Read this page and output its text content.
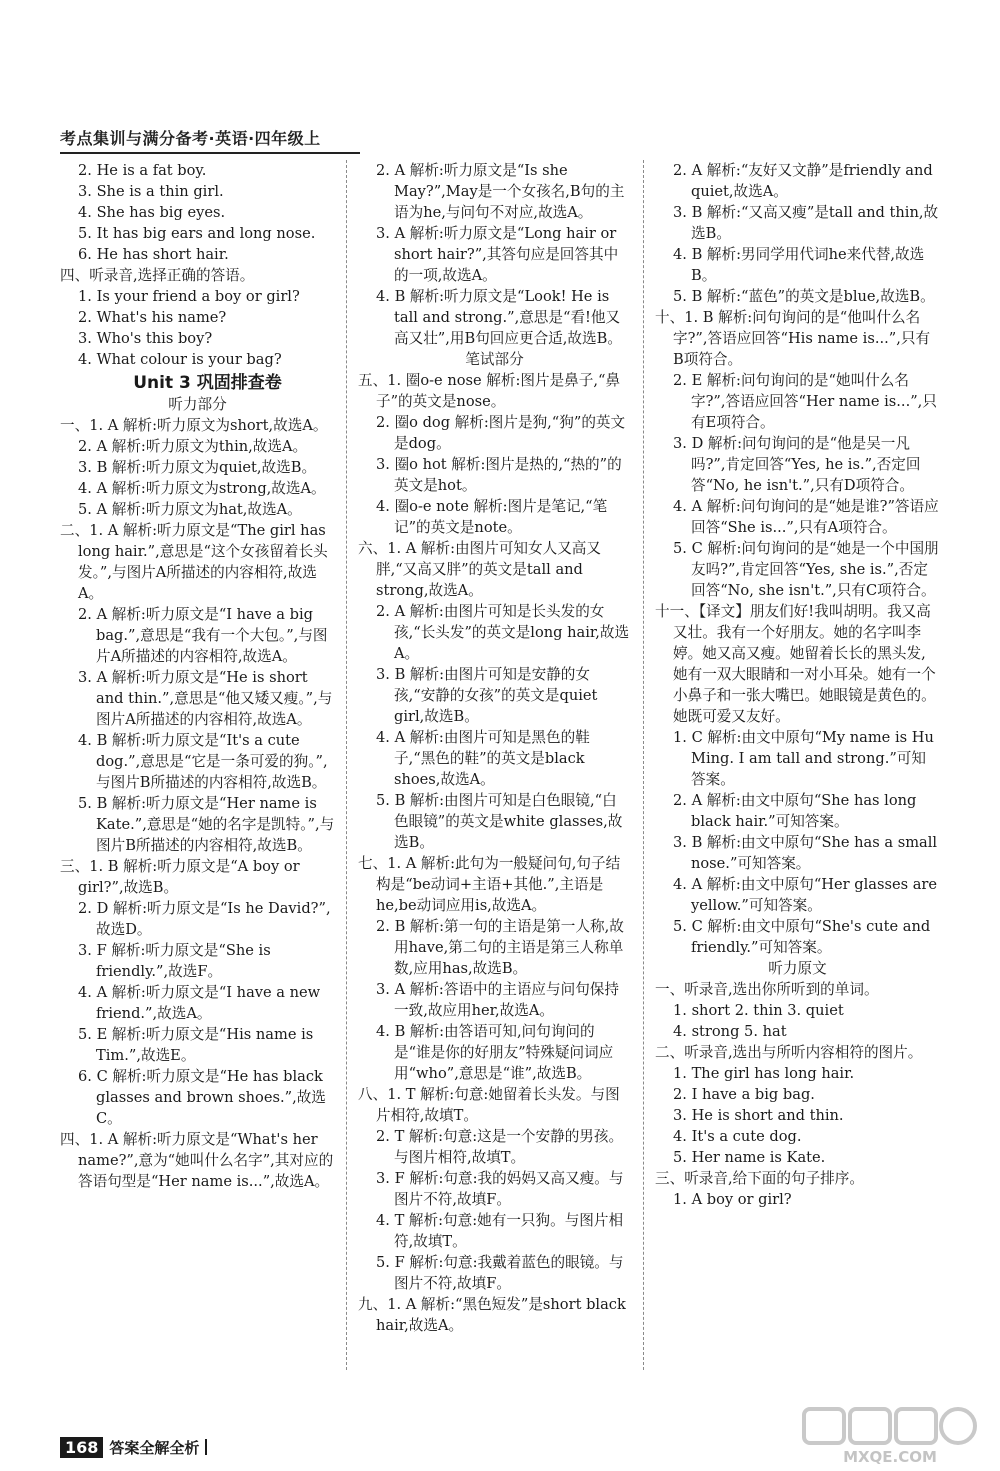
考点集训与满分备考·英语·四年级上
2. He is a fat boy.
3. She is a thin girl.
4. She has big eyes.
5. It has big ears and long nose.
6. He has short hair.
四、听录音,选择正确的答语。
1. Is your friend a boy or girl?
2. What's his name?
3. Who's this boy?
4. What colour is your bag?
Unit 3 巩固排查卷
听力部分
一、1. A 解析:听力原文为short,故选A。
2. A 解析:听力原文为thin,故选A。
3. B 解析:听力原文为quiet,故选B。
4. A 解析:听力原文为strong,故选A。
5. A 解析:听力原文为hat,故选A。
二、1. A 解析:听力原文是“The girl has long hair.”,意思是“这个女孩留着长头发。”,与图片A所描述的内容相符,故选A。
2. A 解析:听力原文是“I have a big bag.”,意思是“我有一个大包。”,与图片A所描述的内容相符,故选A。
3. A 解析:听力原文是“He is short and thin.”,意思是“他又矮又瘦。”,与图片A所描述的内容相符,故选A。
4. B 解析:听力原文是“It's a cute dog.”,意思是“它是一条可爱的狗。”,与图片B所描述的内容相符,故选B。
5. B 解析:听力原文是“Her name is Kate.”,意思是“她的名字是凯特。”,与图片B所描述的内容相符,故选B。
三、1. B 解析:听力原文是“A boy or girl?”,故选B。
2. D 解析:听力原文是“Is he David?”,故选D。
3. F 解析:听力原文是“She is friendly.”,故选F。
4. A 解析:听力原文是“I have a new friend.”,故选A。
5. E 解析:听力原文是“His name is Tim.”,故选E。
6. C 解析:听力原文是“He has black glasses and brown shoes.”,故选C。
四、1. A 解析:听力原文是“What's her name?”,意为“她叫什么名字”,其对应的答语句型是“Her name is...”,故选A。
2. A 解析:听力原文是“Is she May?”,May是一个女孩名,B句的主语为he,与问句不对应,故选A。
3. A 解析:听力原文是“Long hair or short hair?”,其答句应是回答其中的一项,故选A。
4. B 解析:听力原文是“Look! He is tall and strong.”,意思是“看!他又高又壮”,用B句回应更合适,故选B。
笔试部分
五、1. 圈o-e nose 解析:图片是鼻子,“鼻子”的英文是nose。
2. 圈o dog 解析:图片是狗,“狗”的英文是dog。
3. 圈o hot 解析:图片是热的,“热的”的英文是hot。
4. 圈o-e note 解析:图片是笔记,“笔记”的英文是note。
六、1. A 解析:由图片可知女人又高又胖,“又高又胖”的英文是tall and strong,故选A。
2. A 解析:由图片可知是长头发的女孩,“长头发”的英文是long hair,故选A。
3. B 解析:由图片可知是安静的女孩,“安静的女孩”的英文是quiet girl,故选B。
4. A 解析:由图片可知是黑色的鞋子,“黑色的鞋”的英文是black shoes,故选A。
5. B 解析:由图片可知是白色眼镜,“白色眼镜”的英文是white glasses,故选B。
七、1. A 解析:此句为一般疑问句,句子结构是“be动词+主语+其他.”,主语是he,be动词应用is,故选A。
2. B 解析:第一句的主语是第一人称,故用have,第二句的主语是第三人称单数,应用has,故选B。
3. A 解析:答语中的主语应与问句保持一致,故应用her,故选A。
4. B 解析:由答语可知,问句询问的是“谁是你的好朋友”特殊疑问词应用“who”,意思是“谁”,故选B。
八、1. T 解析:句意:她留着长头发。与图片相符,故填T。
2. T 解析:句意:这是一个安静的男孩。与图片相符,故填T。
3. F 解析:句意:我的妈妈又高又瘦。与图片不符,故填F。
4. T 解析:句意:她有一只狗。与图片相符,故填T。
5. F 解析:句意:我戴着蓝色的眼镜。与图片不符,故填F。
九、1. A 解析:“黑色短发”是short black hair,故选A。
2. A 解析:“友好又文静”是friendly and quiet,故选A。
3. B 解析:“又高又瘦”是tall and thin,故选B。
4. B 解析:男同学用代词he来代替,故选B。
5. B 解析:“蓝色”的英文是blue,故选B。
十、1. B 解析:问句询问的是“他叫什么名字?”,答语应回答“His name is...”,只有B项符合。
2. E 解析:问句询问的是“她叫什么名字?”,答语应回答“Her name is...”,只有E项符合。
3. D 解析:问句询问的是“他是吴一凡吗?”,肯定回答“Yes, he is.”,否定回答“No, he isn't.”,只有D项符合。
4. A 解析:问句询问的是“她是谁?”答语应回答“She is...”,只有A项符合。
5. C 解析:问句询问的是“她是一个中国朋友吗?”,肯定回答“Yes, she is.”,否定回答“No, she isn't.”,只有C项符合。
十一、【译文】朋友们好!我叫胡明。我又高又壮。我有一个好朋友。她的名字叫李婷。她又高又瘦。她留着长长的黑头发,她有一双大眼睛和一对小耳朵。她有一个小鼻子和一张大嘴巴。她眼镜是黄色的。她既可爱又友好。
1. C 解析:由文中原句“My name is Hu Ming. I am tall and strong.”可知答案。
2. A 解析:由文中原句“She has long black hair.”可知答案。
3. B 解析:由文中原句“She has a small nose.”可知答案。
4. A 解析:由文中原句“Her glasses are yellow.”可知答案。
5. C 解析:由文中原句“She's cute and friendly.”可知答案。
听力原文
一、听录音,选出你所听到的单词。
1. short 2. thin 3. quiet
4. strong 5. hat
二、听录音,选出与所听内容相符的图片。
1. The girl has long hair.
2. I have a big bag.
3. He is short and thin.
4. It's a cute dog.
5. Her name is Kate.
三、听录音,给下面的句子排序。
1. A boy or girl?
168 答案全解全析
MXQE.COM
